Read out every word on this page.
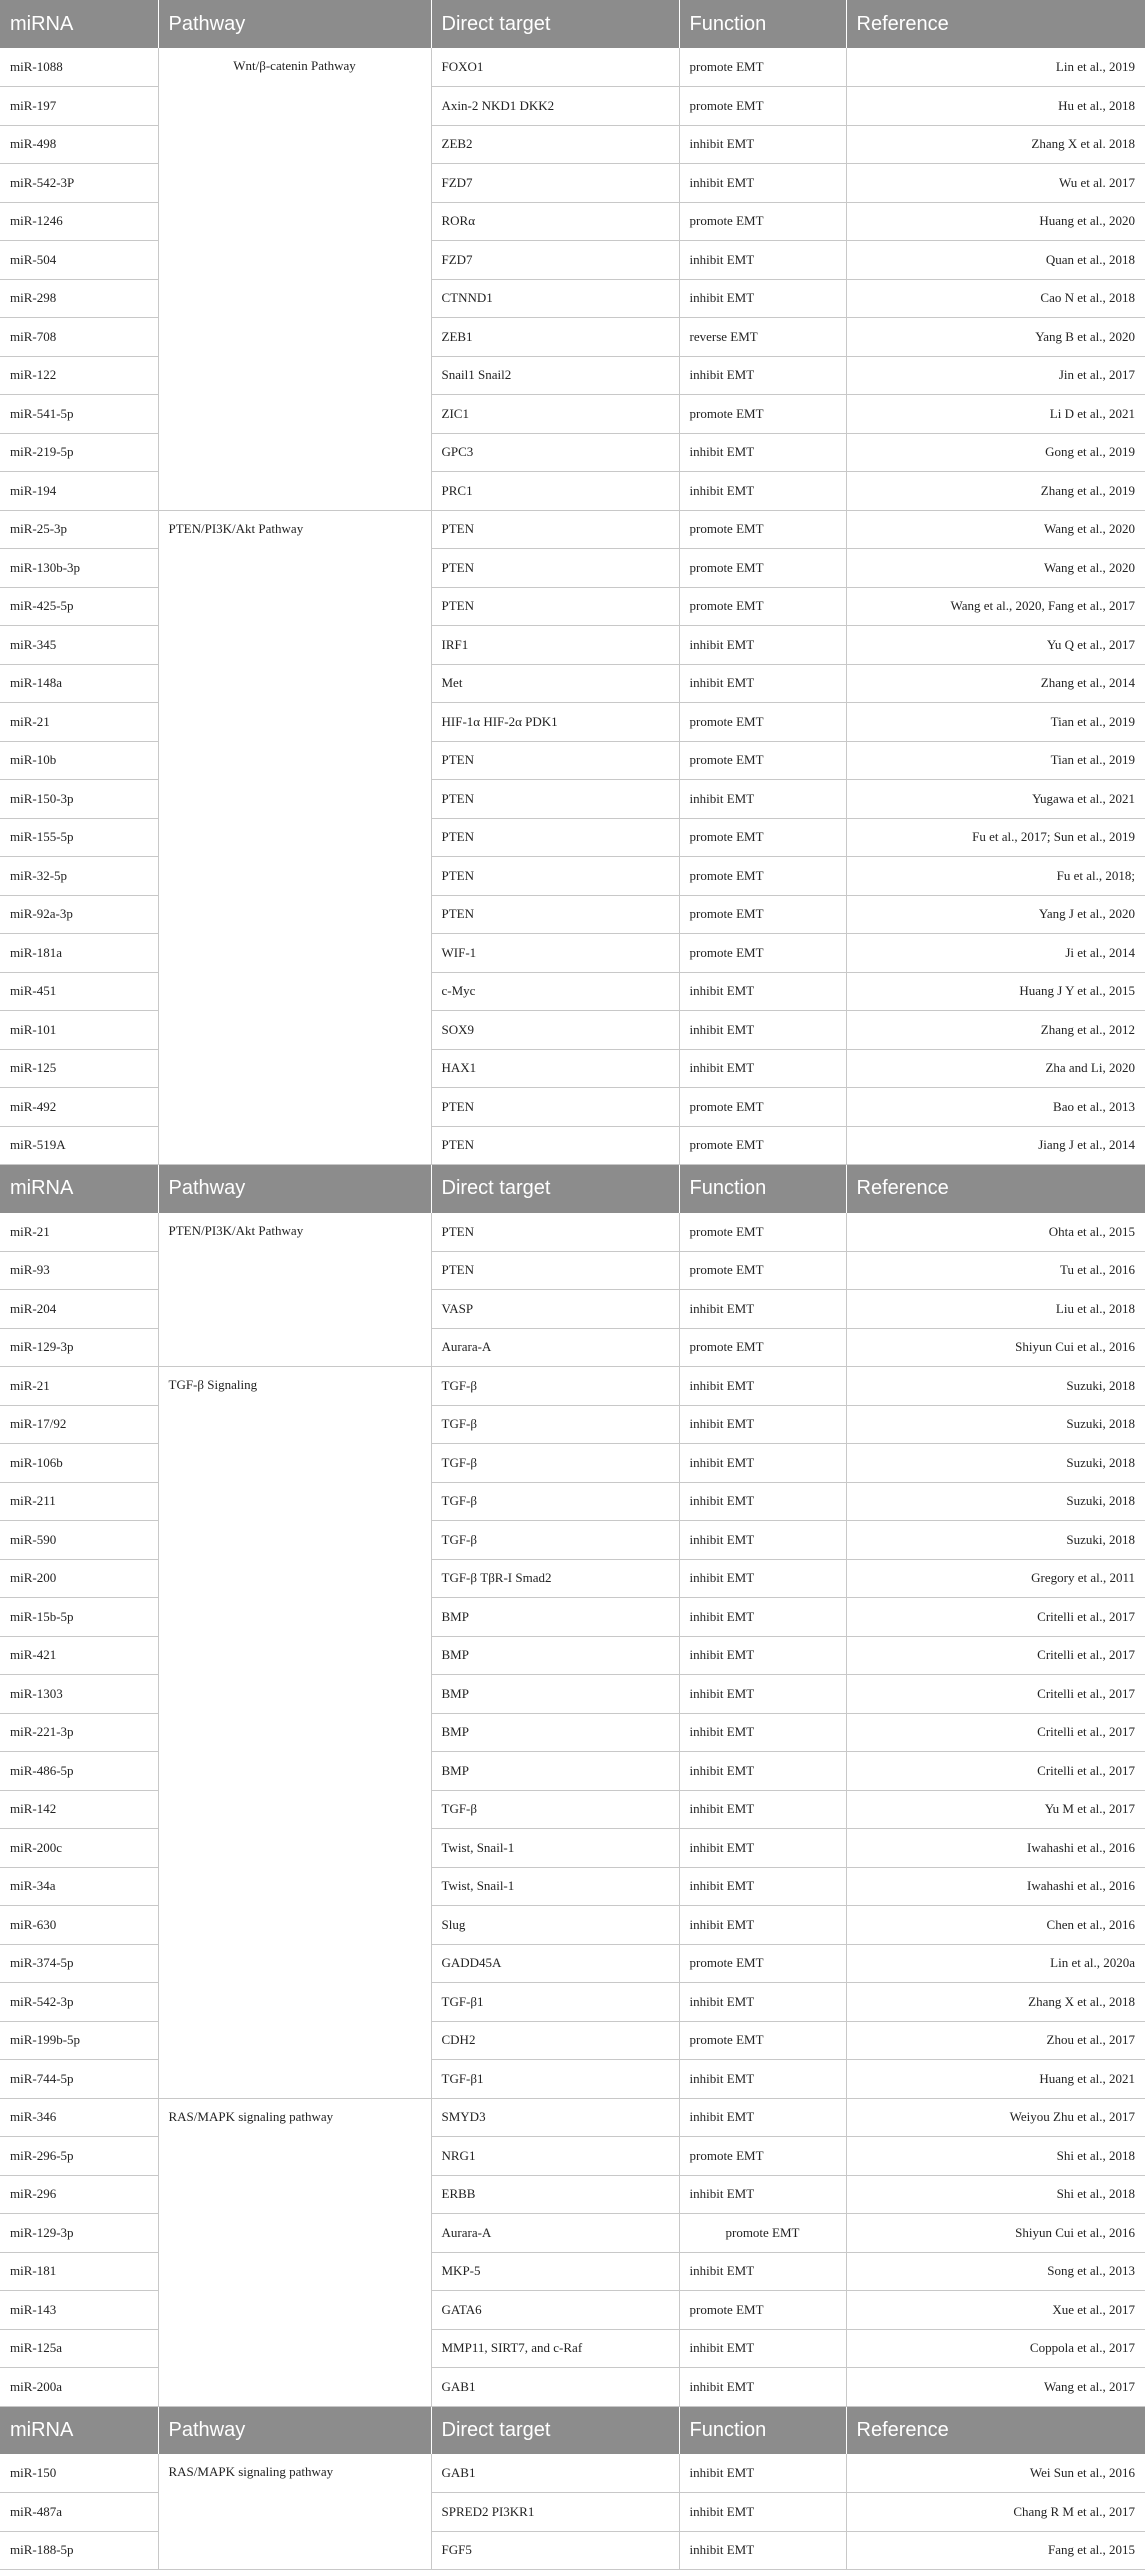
miRNA	Pathway	Direct target	Function	Reference
miR-1088	Wnt/β-catenin Pathway	FOXO1	promote EMT	Lin et al., 2019
miR-197		Axin-2 NKD1 DKK2	promote EMT	Hu et al., 2018
miR-498		ZEB2	inhibit EMT	Zhang X et al. 2018
miR-542-3P		FZD7	inhibit EMT	Wu et al. 2017
miR-1246		RORα	promote EMT	Huang et al., 2020
miR-504		FZD7	inhibit EMT	Quan et al., 2018
miR-298		CTNND1	inhibit EMT	Cao N et al., 2018
miR-708		ZEB1	reverse EMT	Yang B et al., 2020
miR-122		Snail1 Snail2	inhibit EMT	Jin et al., 2017
miR-541-5p		ZIC1	promote EMT	Li D et al., 2021
miR-219-5p		GPC3	inhibit EMT	Gong et al., 2019
miR-194		PRC1	inhibit EMT	Zhang et al., 2019
miR-25-3p	PTEN/PI3K/Akt Pathway	PTEN	promote EMT	Wang et al., 2020
miR-130b-3p		PTEN	promote EMT	Wang et al., 2020
miR-425-5p		PTEN	promote EMT	Wang et al., 2020, Fang et al., 2017
miR-345		IRF1	inhibit EMT	Yu Q et al., 2017
miR-148a		Met	inhibit EMT	Zhang et al., 2014
miR-21		HIF-1α HIF-2α PDK1	promote EMT	Tian et al., 2019
miR-10b		PTEN	promote EMT	Tian et al., 2019
miR-150-3p		PTEN	inhibit EMT	Yugawa et al., 2021
miR-155-5p		PTEN	promote EMT	Fu et al., 2017; Sun et al., 2019
miR-32-5p		PTEN	promote EMT	Fu et al., 2018;
miR-92a-3p		PTEN	promote EMT	Yang J et al., 2020
miR-181a		WIF-1	promote EMT	Ji et al., 2014
miR-451		c-Myc	inhibit EMT	Huang J Y et al., 2015
miR-101		SOX9	inhibit EMT	Zhang et al., 2012
miR-125		HAX1	inhibit EMT	Zha and Li, 2020
miR-492		PTEN	promote EMT	Bao et al., 2013
miR-519A		PTEN	promote EMT	Jiang J et al., 2014
miRNA	Pathway	Direct target	Function	Reference
miR-21	PTEN/PI3K/Akt Pathway	PTEN	promote EMT	Ohta et al., 2015
miR-93		PTEN	promote EMT	Tu et al., 2016
miR-204		VASP	inhibit EMT	Liu et al., 2018
miR-129-3p		Aurara-A	promote EMT	Shiyun Cui et al., 2016
miR-21	TGF-β Signaling	TGF-β	inhibit EMT	Suzuki, 2018
miR-17/92		TGF-β	inhibit EMT	Suzuki, 2018
miR-106b		TGF-β	inhibit EMT	Suzuki, 2018
miR-211		TGF-β	inhibit EMT	Suzuki, 2018
miR-590		TGF-β	inhibit EMT	Suzuki, 2018
miR-200		TGF-β TβR-I Smad2	inhibit EMT	Gregory et al., 2011
miR-15b-5p		BMP	inhibit EMT	Critelli et al., 2017
miR-421		BMP	inhibit EMT	Critelli et al., 2017
miR-1303		BMP	inhibit EMT	Critelli et al., 2017
miR-221-3p		BMP	inhibit EMT	Critelli et al., 2017
miR-486-5p		BMP	inhibit EMT	Critelli et al., 2017
miR-142		TGF-β	inhibit EMT	Yu M et al., 2017
miR-200c		Twist, Snail-1	inhibit EMT	Iwahashi et al., 2016
miR-34a		Twist, Snail-1	inhibit EMT	Iwahashi et al., 2016
miR-630		Slug	inhibit EMT	Chen et al., 2016
miR-374-5p		GADD45A	promote EMT	Lin et al., 2020a
miR-542-3p		TGF-β1	inhibit EMT	Zhang X et al., 2018
miR-199b-5p		CDH2	promote EMT	Zhou et al., 2017
miR-744-5p		TGF-β1	inhibit EMT	Huang et al., 2021
miR-346	RAS/MAPK signaling pathway	SMYD3	inhibit EMT	Weiyou Zhu et al., 2017
miR-296-5p		NRG1	promote EMT	Shi et al., 2018
miR-296		ERBB	inhibit EMT	Shi et al., 2018
miR-129-3p		Aurara-A	promote EMT	Shiyun Cui et al., 2016
miR-181		MKP-5	inhibit EMT	Song et al., 2013
miR-143		GATA6	promote EMT	Xue et al., 2017
miR-125a		MMP11, SIRT7, and c-Raf	inhibit EMT	Coppola et al., 2017
miR-200a		GAB1	inhibit EMT	Wang et al., 2017
miRNA	Pathway	Direct target	Function	Reference
miR-150	RAS/MAPK signaling pathway	GAB1	inhibit EMT	Wei Sun et al., 2016
miR-487a		SPRED2 PI3KR1	inhibit EMT	Chang R M et al., 2017
miR-188-5p		FGF5	inhibit EMT	Fang et al., 2015
